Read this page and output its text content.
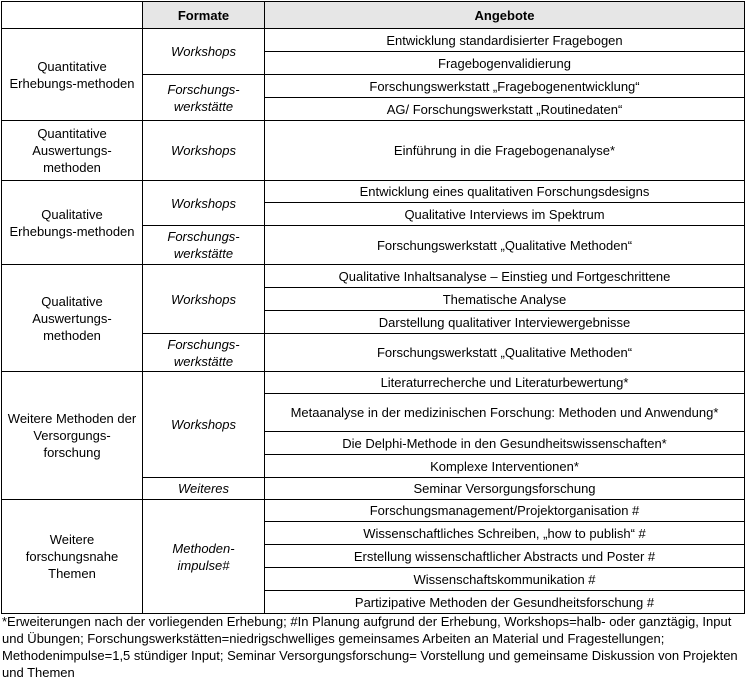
	Formate	Angebote
Quantitative Erhebungs-methoden	Workshops	Entwicklung standardisierter Fragebogen
		Fragebogenvalidierung
	Forschungs-werkstätte	Forschungswerkstatt „Fragebogenentwicklung“
		AG/ Forschungswerkstatt „Routinedaten“
Quantitative Auswertungs-methoden	Workshops	Einführung in die Fragebogenanalyse*
Qualitative Erhebungs-methoden	Workshops	Entwicklung eines qualitativen Forschungsdesigns
		Qualitative Interviews im Spektrum
	Forschungs-werkstätte	Forschungswerkstatt „Qualitative Methoden“
Qualitative Auswertungs-methoden	Workshops	Qualitative Inhaltsanalyse – Einstieg und Fortgeschrittene
		Thematische Analyse
		Darstellung qualitativer Interviewergebnisse
	Forschungs-werkstätte	Forschungswerkstatt „Qualitative Methoden“
Weitere Methoden der Versorgungs-forschung	Workshops	Literaturrecherche und Literaturbewertung*
		Metaanalyse in der medizinischen Forschung: Methoden und Anwendung*
		Die Delphi-Methode in den Gesundheitswissenschaften*
		Komplexe Interventionen*
	Weiteres	Seminar Versorgungsforschung
Weitere forschungsnahe Themen	Methoden-impulse#	Forschungsmanagement/Projektorganisation #
		Wissenschaftliches Schreiben, „how to publish“ #
		Erstellung wissenschaftlicher Abstracts und Poster #
		Wissenschaftskommunikation #
		Partizipative Methoden der Gesundheitsforschung #

*Erweiterungen nach der vorliegenden Erhebung; #In Planung aufgrund der Erhebung, Workshops=halb- oder ganztägig, Input und Übungen; Forschungswerkstätten=niedrigschwelliges gemeinsames Arbeiten an Material und Fragestellungen; Methodenimpulse=1,5 stündiger Input; Seminar Versorgungsforschung= Vorstellung und gemeinsame Diskussion von Projekten und Themen
